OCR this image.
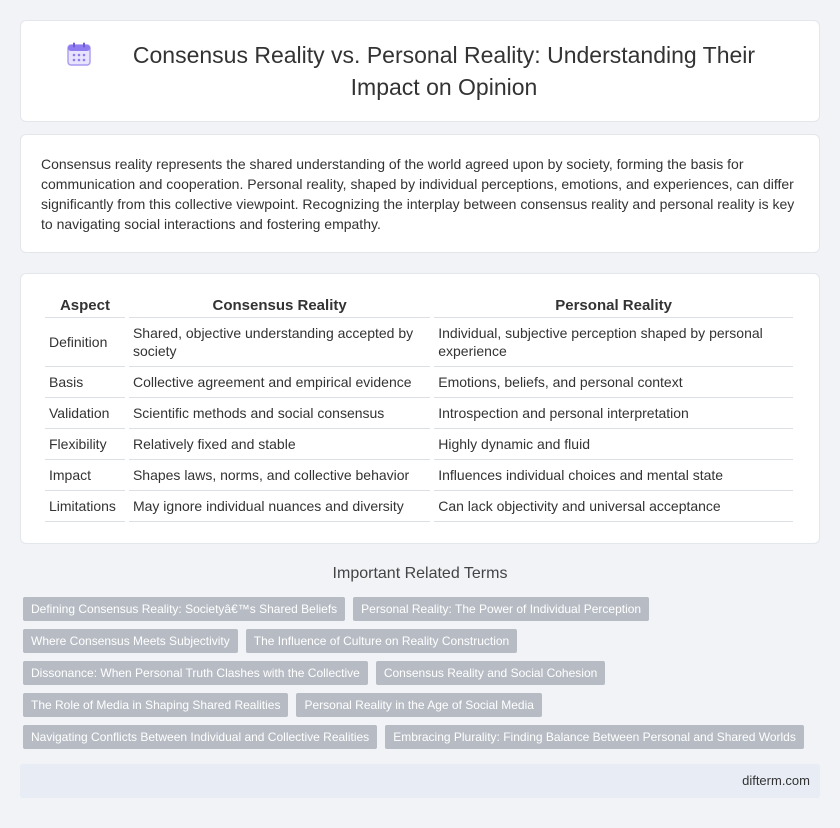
Consensus Reality vs. Personal Reality: Understanding Their Impact on Opinion

Consensus reality represents the shared understanding of the world agreed upon by society, forming the basis for communication and cooperation. Personal reality, shaped by individual perceptions, emotions, and experiences, can differ significantly from this collective viewpoint. Recognizing the interplay between consensus reality and personal reality is key to navigating social interactions and fostering empathy.

Aspect	Consensus Reality	Personal Reality
Definition	Shared, objective understanding accepted by society	Individual, subjective perception shaped by personal experience
Basis	Collective agreement and empirical evidence	Emotions, beliefs, and personal context
Validation	Scientific methods and social consensus	Introspection and personal interpretation
Flexibility	Relatively fixed and stable	Highly dynamic and fluid
Impact	Shapes laws, norms, and collective behavior	Influences individual choices and mental state
Limitations	May ignore individual nuances and diversity	Can lack objectivity and universal acceptance
Important Related Terms
Defining Consensus Reality: Societyâ€™s Shared Beliefs	Personal Reality: The Power of Individual Perception
Where Consensus Meets Subjectivity	The Influence of Culture on Reality Construction
Dissonance: When Personal Truth Clashes with the Collective	Consensus Reality and Social Cohesion
The Role of Media in Shaping Shared Realities	Personal Reality in the Age of Social Media
Navigating Conflicts Between Individual and Collective Realities	Embracing Plurality: Finding Balance Between Personal and Shared Worlds
difterm.com
